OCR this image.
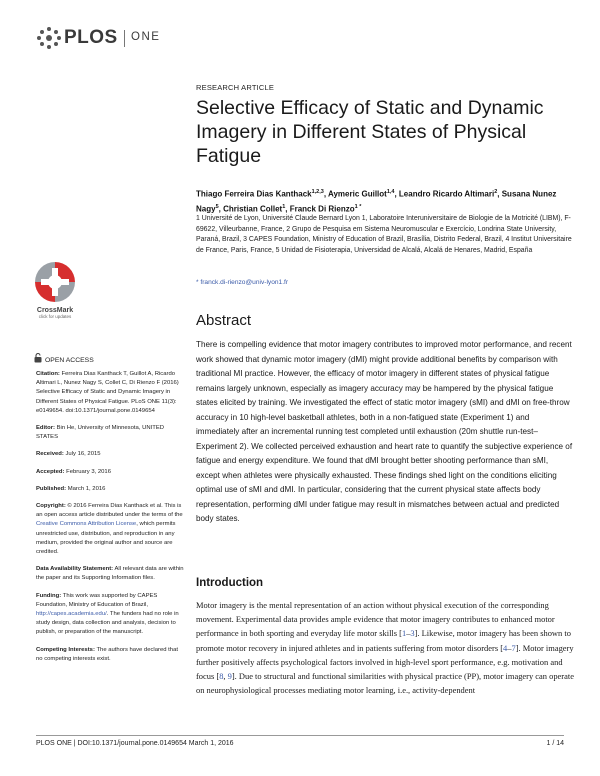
PLOS ONE
RESEARCH ARTICLE
Selective Efficacy of Static and Dynamic Imagery in Different States of Physical Fatigue
Thiago Ferreira Dias Kanthack$^{1,2,3}$, Aymeric Guillot$^{1,4}$, Leandro Ricardo Altimari$^2$, Susana Nunez Nagy$^5$, Christian Collet$^1$, Franck Di Rienzo$^{1 *}$
1 Université de Lyon, Université Claude Bernard Lyon 1, Laboratoire Interuniversitaire de Biologie de la Motricité (LIBM), F-69622, Villeurbanne, France, 2 Grupo de Pesquisa em Sistema Neuromuscular e Exercício, Londrina State University, Paraná, Brazil, 3 CAPES Foundation, Ministry of Education of Brazil, Brasília, Distrito Federal, Brazil, 4 Institut Universitaire de France, Paris, France, 5 Unidad de Fisioterapia, Universidad de Alcalá, Alcalá de Henares, Madrid, España
* franck.di-rienzo@univ-lyon1.fr
Abstract
There is compelling evidence that motor imagery contributes to improved motor performance, and recent work showed that dynamic motor imagery (dMI) might provide additional benefits by comparison with traditional MI practice. However, the efficacy of motor imagery in different states of physical fatigue remains largely unknown, especially as imagery accuracy may be hampered by the physical fatigue states elicited by training. We investigated the effect of static motor imagery (sMI) and dMI on free-throw accuracy in 10 high-level basketball athletes, both in a non-fatigued state (Experiment 1) and immediately after an incremental running test completed until exhaustion (20m shuttle run-test–Experiment 2). We collected perceived exhaustion and heart rate to quantify the subjective experience of fatigue and energy expenditure. We found that dMI brought better shooting performance than sMI, except when athletes were physically exhausted. These findings shed light on the conditions eliciting optimal use of sMI and dMI. In particular, considering that the current physical state affects body representation, performing dMI under fatigue may result in mismatches between actual and predicted body states.
Introduction
Motor imagery is the mental representation of an action without physical execution of the corresponding movement. Experimental data provides ample evidence that motor imagery contributes to enhanced motor performance in both sporting and everyday life motor skills [1–3]. Likewise, motor imagery has been shown to promote motor recovery in injured athletes and in patients suffering from motor disorders [4–7]. Motor imagery further positively affects psychological factors involved in high-level sport performance, e.g. motivation and focus [8, 9]. Due to structural and functional similarities with physical practice (PP), motor imagery can operate on neurophysiological processes mediating motor learning, i.e., activity-dependent
CrossMark
click for updates
OPEN ACCESS

Citation: Ferreira Dias Kanthack T, Guillot A, Ricardo Altimari L, Nunez Nagy S, Collet C, Di Rienzo F (2016) Selective Efficacy of Static and Dynamic Imagery in Different States of Physical Fatigue. PLoS ONE 11(3): e0149654. doi:10.1371/journal.pone.0149654

Editor: Bin He, University of Minnesota, UNITED STATES

Received: July 16, 2015

Accepted: February 3, 2016

Published: March 1, 2016

Copyright: © 2016 Ferreira Dias Kanthack et al. This is an open access article distributed under the terms of the Creative Commons Attribution License, which permits unrestricted use, distribution, and reproduction in any medium, provided the original author and source are credited.

Data Availability Statement: All relevant data are within the paper and its Supporting Information files.

Funding: This work was supported by CAPES Foundation, Ministry of Education of Brazil, http://capes.academia.edu/. The funders had no role in study design, data collection and analysis, decision to publish, or preparation of the manuscript.

Competing Interests: The authors have declared that no competing interests exist.

PLOS ONE | DOI:10.1371/journal.pone.0149654 March 1, 2016	1 / 14
